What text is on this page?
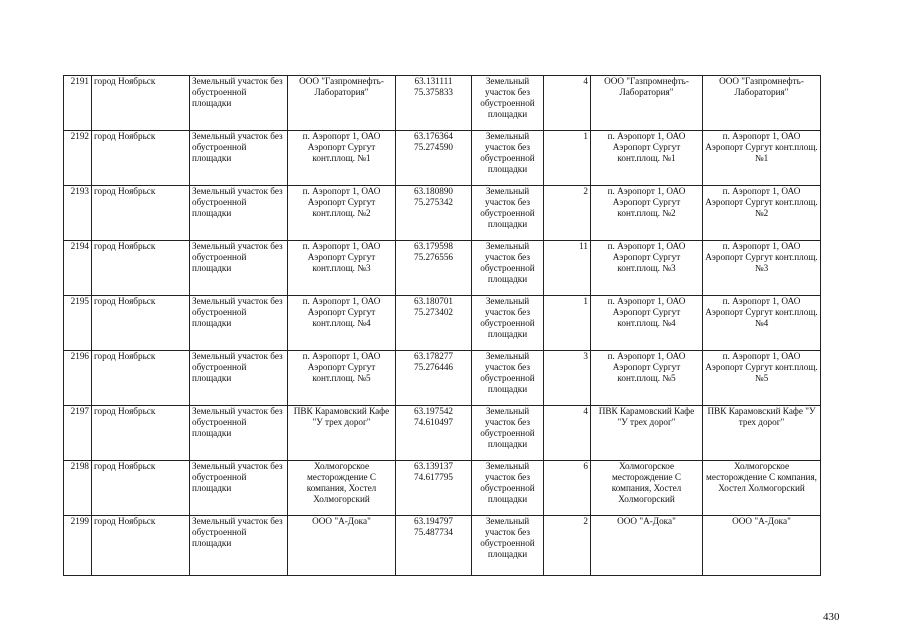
2191	город Ноябрьск	Земельный участок без обустроенной площадки	ООО "Газпромнефть-Лаборатория"	63.131111 75.375833	Земельный участок без обустроенной площадки	4	ООО "Газпромнефть-Лаборатория"	ООО "Газпромнефть-Лаборатория"
2192	город Ноябрьск	Земельный участок без обустроенной площадки	п. Аэропорт 1, ОАО Аэропорт Сургут конт.площ. №1	63.176364 75.274590	Земельный участок без обустроенной площадки	1	п. Аэропорт 1, ОАО Аэропорт Сургут конт.площ. №1	п. Аэропорт 1, ОАО Аэропорт Сургут конт.площ. №1
2193	город Ноябрьск	Земельный участок без обустроенной площадки	п. Аэропорт 1, ОАО Аэропорт Сургут конт.площ. №2	63.180890 75.275342	Земельный участок без обустроенной площадки	2	п. Аэропорт 1, ОАО Аэропорт Сургут конт.площ. №2	п. Аэропорт 1, ОАО Аэропорт Сургут конт.площ. №2
2194	город Ноябрьск	Земельный участок без обустроенной площадки	п. Аэропорт 1, ОАО Аэропорт Сургут конт.площ. №3	63.179598 75.276556	Земельный участок без обустроенной площадки	11	п. Аэропорт 1, ОАО Аэропорт Сургут конт.площ. №3	п. Аэропорт 1, ОАО Аэропорт Сургут конт.площ. №3
2195	город Ноябрьск	Земельный участок без обустроенной площадки	п. Аэропорт 1, ОАО Аэропорт Сургут конт.площ. №4	63.180701 75.273402	Земельный участок без обустроенной площадки	1	п. Аэропорт 1, ОАО Аэропорт Сургут конт.площ. №4	п. Аэропорт 1, ОАО Аэропорт Сургут конт.площ. №4
2196	город Ноябрьск	Земельный участок без обустроенной площадки	п. Аэропорт 1, ОАО Аэропорт Сургут конт.площ. №5	63.178277 75.276446	Земельный участок без обустроенной площадки	3	п. Аэропорт 1, ОАО Аэропорт Сургут конт.площ. №5	п. Аэропорт 1, ОАО Аэропорт Сургут конт.площ. №5
2197	город Ноябрьск	Земельный участок без обустроенной площадки	ПВК Карамовский Кафе "У трех дорог"	63.197542 74.610497	Земельный участок без обустроенной площадки	4	ПВК Карамовский Кафе "У трех дорог"	ПВК Карамовский Кафе "У трех дорог"
2198	город Ноябрьск	Земельный участок без обустроенной площадки	Холмогорское месторождение С компания, Хостел Холмогорский	63.139137 74.617795	Земельный участок без обустроенной площадки	6	Холмогорское месторождение С компания, Хостел Холмогорский	Холмогорское месторождение С компания, Хостел Холмогорский
2199	город Ноябрьск	Земельный участок без обустроенной площадки	ООО "А-Дока"	63.194797 75.487734	Земельный участок без обустроенной площадки	2	ООО "А-Дока"	ООО "А-Дока"
430
